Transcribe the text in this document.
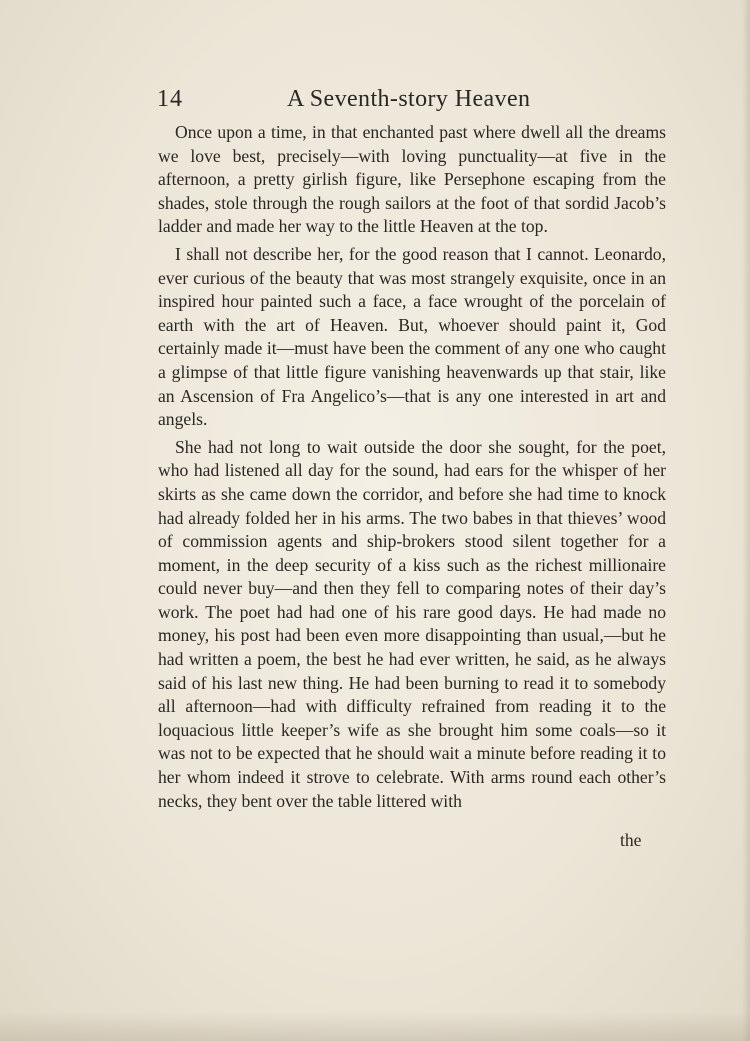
14	A Seventh-story Heaven

Once upon a time, in that enchanted past where dwell all the dreams we love best, precisely—with loving punctuality—at five in the afternoon, a pretty girlish figure, like Persephone escaping from the shades, stole through the rough sailors at the foot of that sordid Jacob’s ladder and made her way to the little Heaven at the top.

I shall not describe her, for the good reason that I cannot. Leonardo, ever curious of the beauty that was most strangely exquisite, once in an inspired hour painted such a face, a face wrought of the porcelain of earth with the art of Heaven. But, whoever should paint it, God certainly made it—must have been the comment of any one who caught a glimpse of that little figure vanishing heavenwards up that stair, like an Ascension of Fra Angelico’s—that is any one interested in art and angels.

She had not long to wait outside the door she sought, for the poet, who had listened all day for the sound, had ears for the whisper of her skirts as she came down the corridor, and before she had time to knock had already folded her in his arms. The two babes in that thieves’ wood of commission agents and ship-brokers stood silent together for a moment, in the deep security of a kiss such as the richest millionaire could never buy—and then they fell to comparing notes of their day’s work. The poet had had one of his rare good days. He had made no money, his post had been even more disappointing than usual,—but he had written a poem, the best he had ever written, he said, as he always said of his last new thing. He had been burning to read it to somebody all afternoon—had with difficulty refrained from reading it to the loquacious little keeper’s wife as she brought him some coals—so it was not to be expected that he should wait a minute before reading it to her whom indeed it strove to celebrate. With arms round each other’s necks, they bent over the table littered with

the
